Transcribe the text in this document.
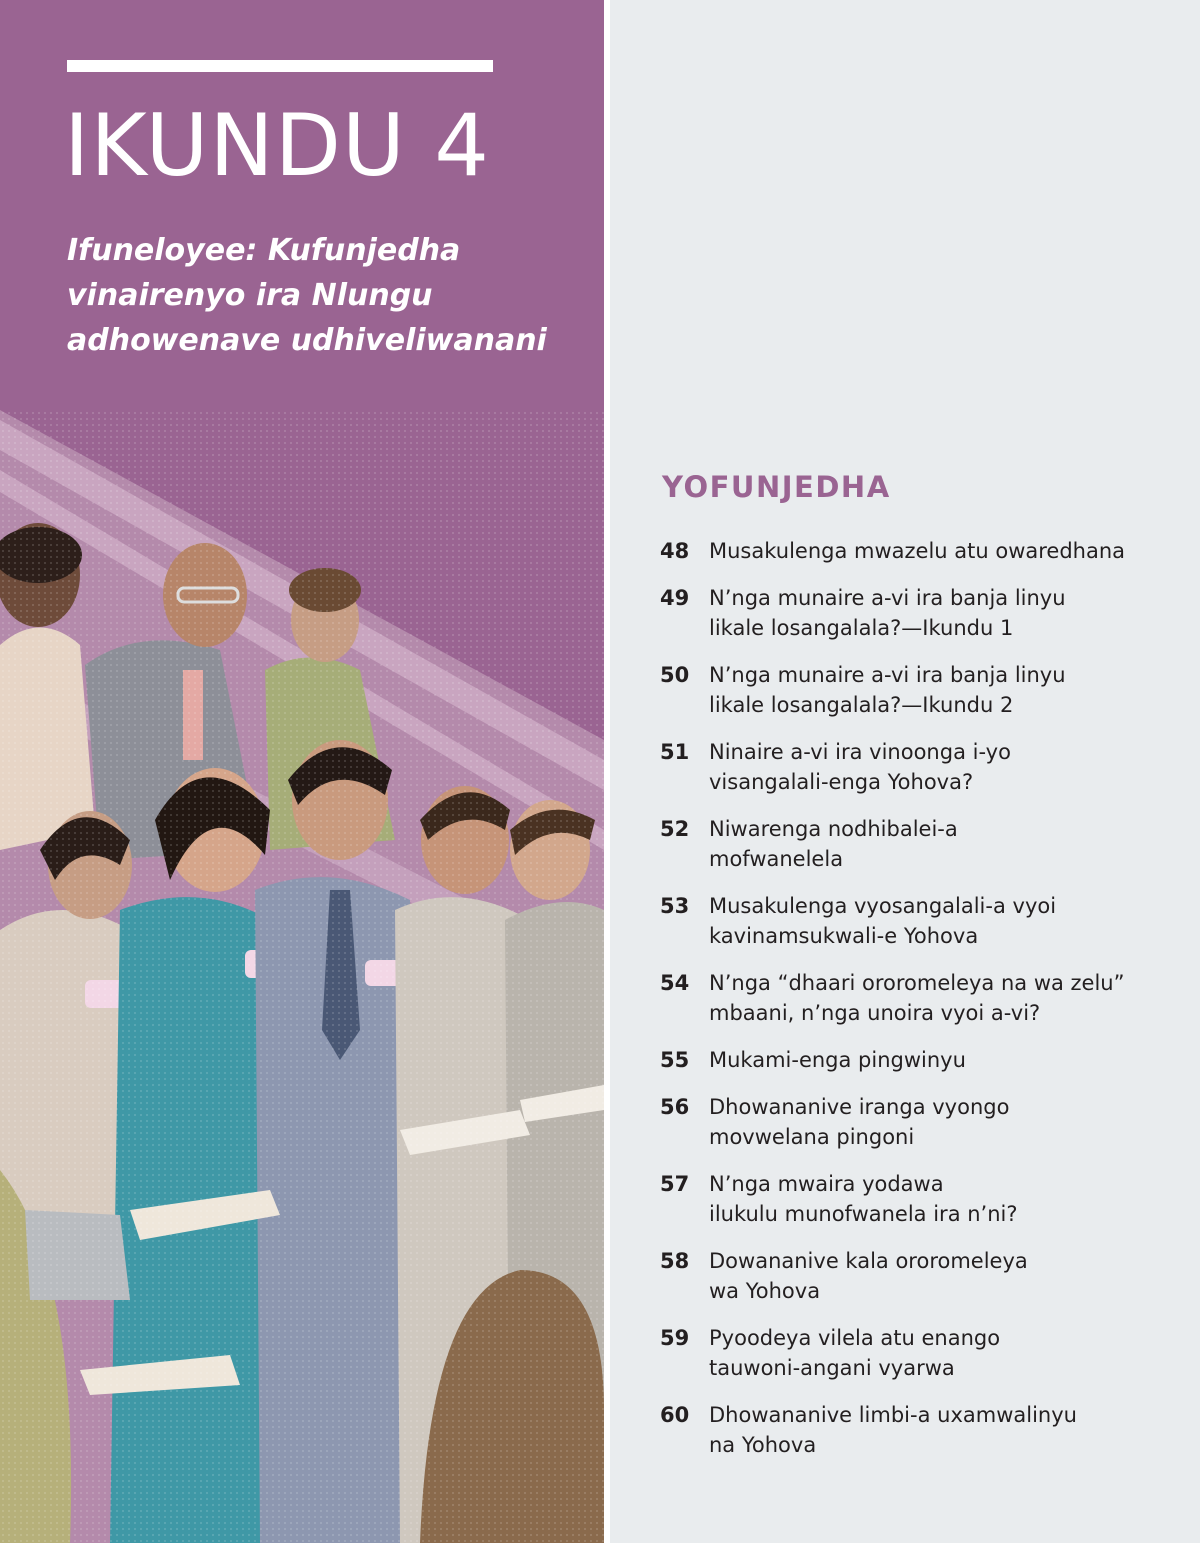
IKUNDU 4

Ifuneloyee: Kufunjedha vinairenyo ira Nlungu adhowenave udhiveliwanani

YOFUNJEDHA
48 Musakulenga mwazelu atu owaredhana
49 N’nga munaire a-vi ira banja linyu
likale losangalala?—Ikundu 1
50 N’nga munaire a-vi ira banja linyu
likale losangalala?—Ikundu 2
51 Ninaire a-vi ira vinoonga i-yo
visangalali-enga Yohova?
52 Niwarenga nodhibalei-a
mofwanelela
53 Musakulenga vyosangalali-a vyoi
kavinamsukwali-e Yohova
54 N’nga “dhaari ororomeleya na wa zelu”
mbaani, n’nga unoira vyoi a-vi?
55 Mukami-enga pingwinyu
56 Dhowananive iranga vyongo
movwelana pingoni
57 N’nga mwaira yodawa
ilukulu munofwanela ira n’ni?
58 Dowananive kala ororomeleya
wa Yohova
59 Pyoodeya vilela atu enango
tauwoni-angani vyarwa
60 Dhowananive limbi-a uxamwalinyu
na Yohova
